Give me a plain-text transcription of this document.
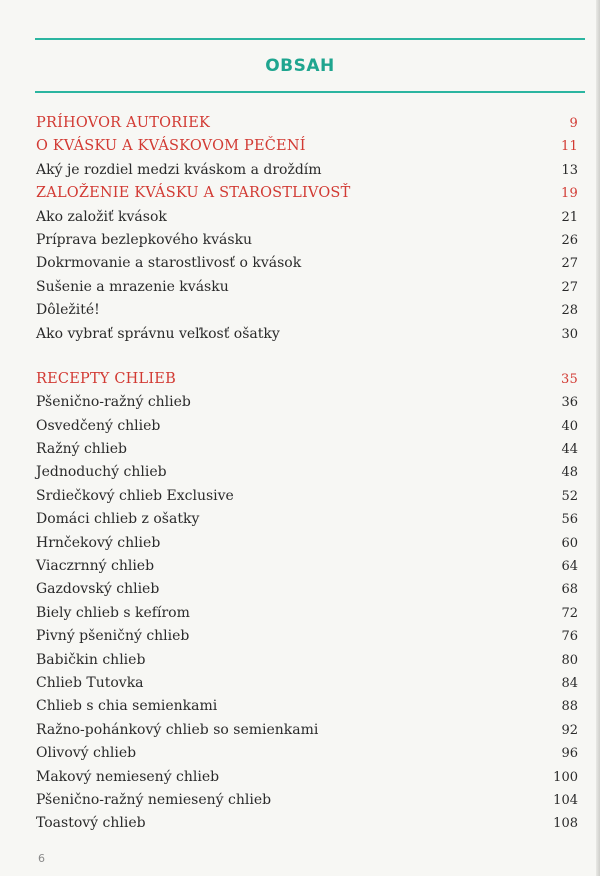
OBSAH
PRÍHOVOR AUTORIEK	9
O KVÁSKU A KVÁSKOVOM PEČENÍ	11
Aký je rozdiel medzi kváskom a droždím	13
ZALOŽENIE KVÁSKU A STAROSTLIVOSŤ	19
Ako založiť kvások	21
Príprava bezlepkového kvásku	26
Dokrmovanie a starostlivosť o kvások	27
Sušenie a mrazenie kvásku	27
Dôležité!	28
Ako vybrať správnu veľkosť ošatky	30
RECEPTY CHLIEB	35
Pšenično-ražný chlieb	36
Osvedčený chlieb	40
Ražný chlieb	44
Jednoduchý chlieb	48
Srdiečkový chlieb Exclusive	52
Domáci chlieb z ošatky	56
Hrnčekový chlieb	60
Viaczrnný chlieb	64
Gazdovský chlieb	68
Biely chlieb s kefírom	72
Pivný pšeničný chlieb	76
Babičkin chlieb	80
Chlieb Tutovka	84
Chlieb s chia semienkami	88
Ražno-pohánkový chlieb so semienkami	92
Olivový chlieb	96
Makový nemiesený chlieb	100
Pšenično-ražný nemiesený chlieb	104
Toastový chlieb	108
6
